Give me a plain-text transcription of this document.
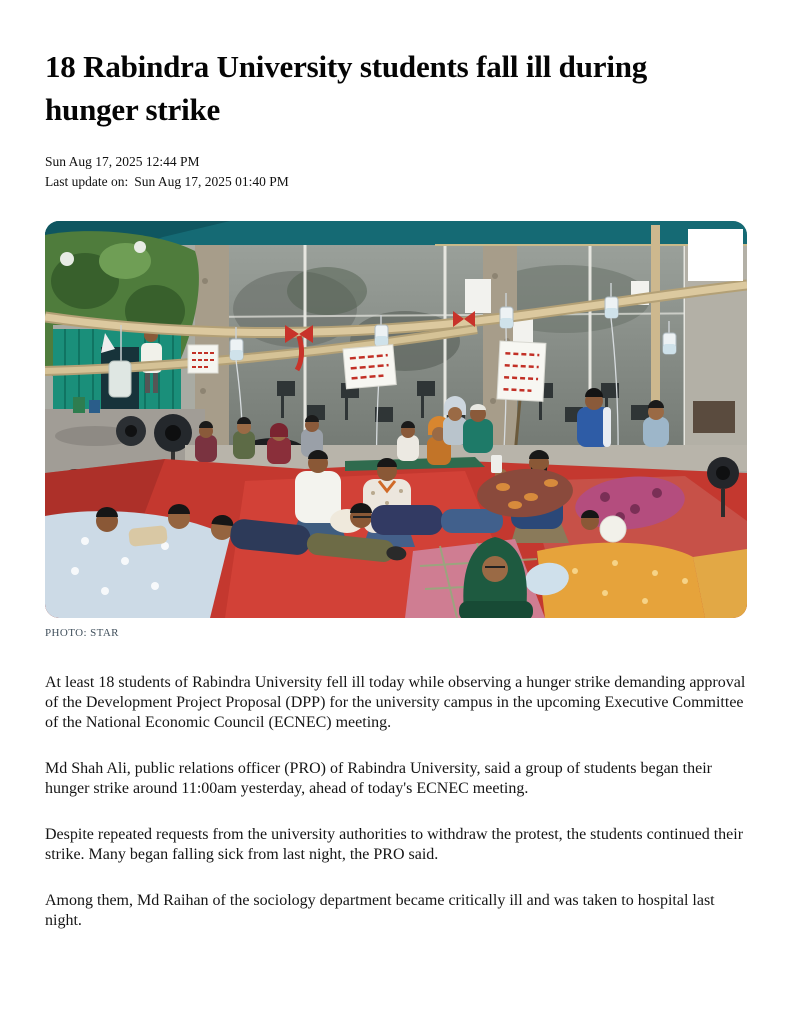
18 Rabindra University students fall ill during hunger strike
Sun Aug 17, 2025 12:44 PM
Last update on: Sun Aug 17, 2025 01:40 PM
PHOTO: STAR

At least 18 students of Rabindra University fell ill today while observing a hunger strike demanding approval of the Development Project Proposal (DPP) for the university campus in the upcoming Executive Committee of the National Economic Council (ECNEC) meeting.

Md Shah Ali, public relations officer (PRO) of Rabindra University, said a group of students began their hunger strike around 11:00am yesterday, ahead of today's ECNEC meeting.

Despite repeated requests from the university authorities to withdraw the protest, the students continued their strike. Many began falling sick from last night, the PRO said.

Among them, Md Raihan of the sociology department became critically ill and was taken to hospital last night.
